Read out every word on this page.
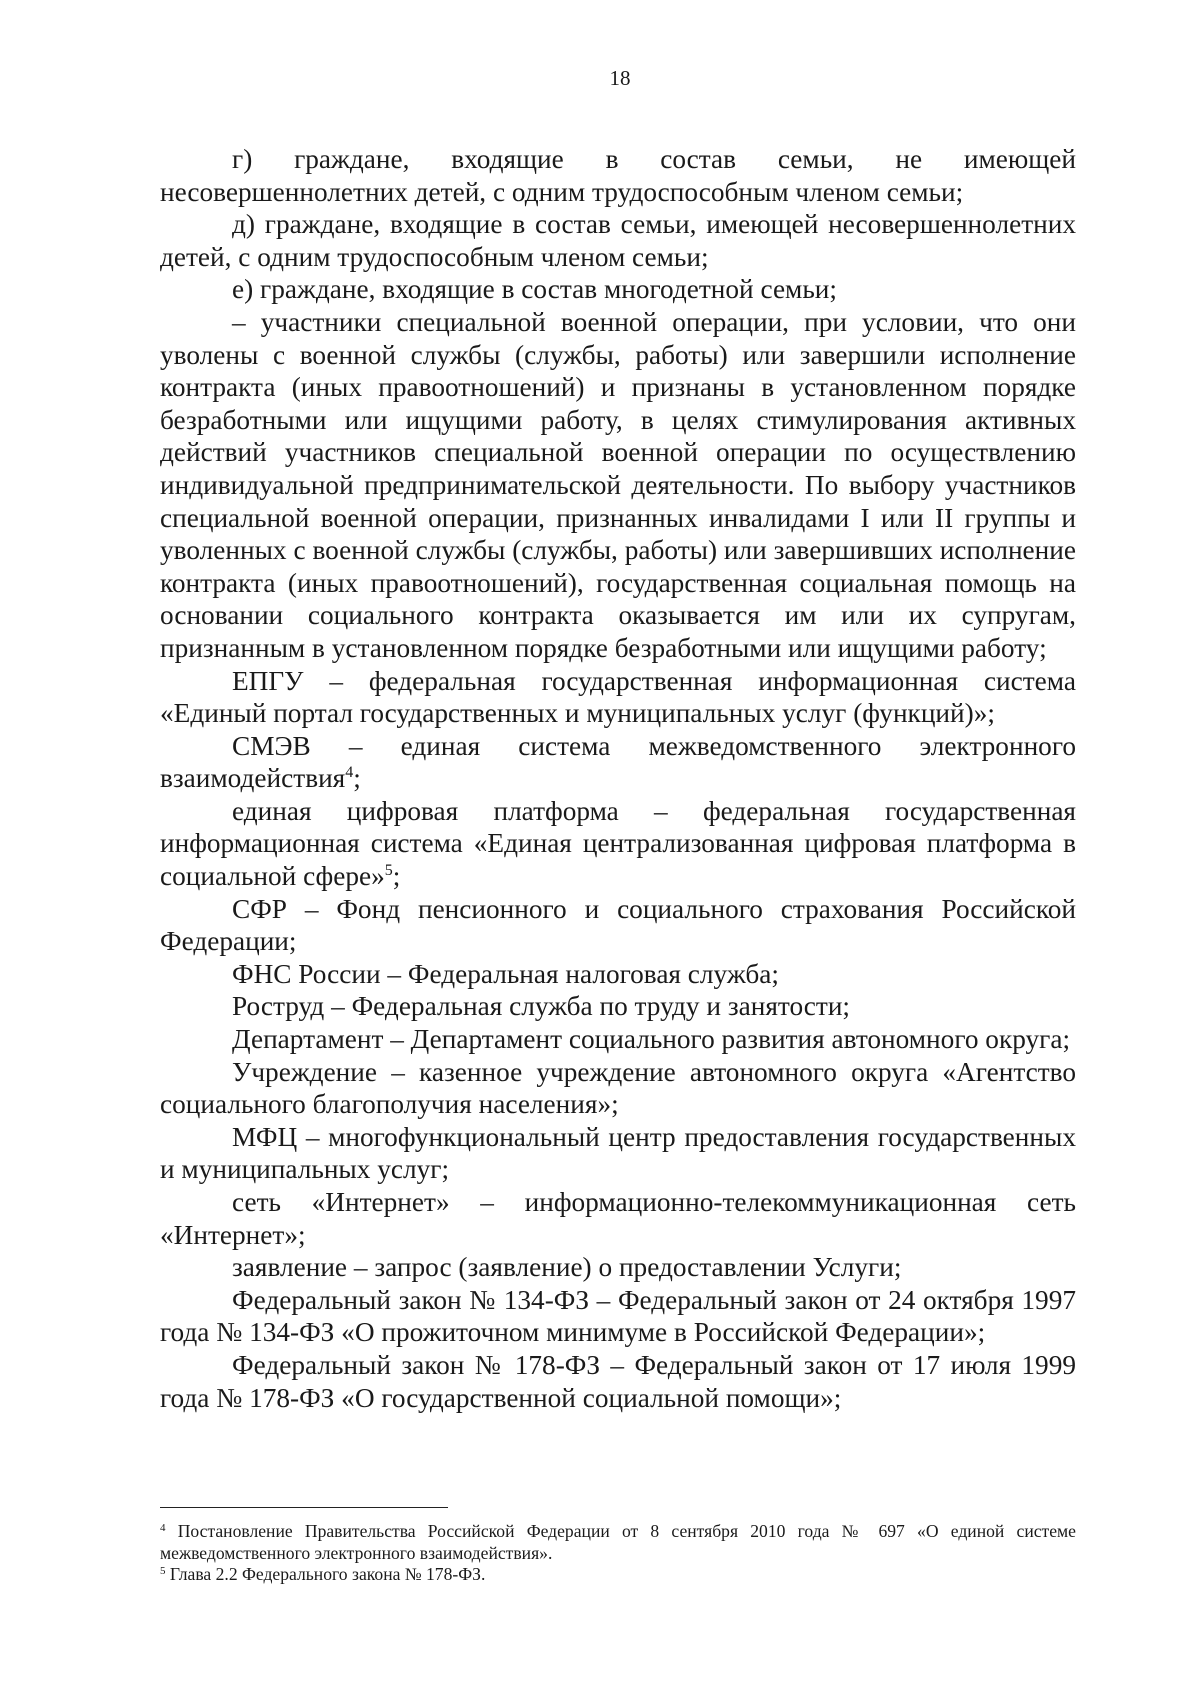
18

г) граждане, входящие в состав семьи, не имеющей несовершеннолетних детей, с одним трудоспособным членом семьи;

д) граждане, входящие в состав семьи, имеющей несовершеннолетних детей, с одним трудоспособным членом семьи;

е) граждане, входящие в состав многодетной семьи;

– участники специальной военной операции, при условии, что они уволены с военной службы (службы, работы) или завершили исполнение контракта (иных правоотношений) и признаны в установленном порядке безработными или ищущими работу, в целях стимулирования активных действий участников специальной военной операции по осуществлению индивидуальной предпринимательской деятельности. По выбору участников специальной военной операции, признанных инвалидами I или II группы и уволенных с военной службы (службы, работы) или завершивших исполнение контракта (иных правоотношений), государственная социальная помощь на основании социального контракта оказывается им или их супругам, признанным в установленном порядке безработными или ищущими работу;

ЕПГУ – федеральная государственная информационная система «Единый портал государственных и муниципальных услуг (функций)»;

СМЭВ – единая система межведомственного электронного взаимодействия$^4$;

единая цифровая платформа – федеральная государственная информационная система «Единая централизованная цифровая платформа в социальной сфере»$^5$;

СФР – Фонд пенсионного и социального страхования Российской Федерации;

ФНС России – Федеральная налоговая служба;

Роструд – Федеральная служба по труду и занятости;

Департамент – Департамент социального развития автономного округа;

Учреждение – казенное учреждение автономного округа «Агентство социального благополучия населения»;

МФЦ – многофункциональный центр предоставления государственных и муниципальных услуг;

сеть «Интернет» – информационно-телекоммуникационная сеть «Интернет»;

заявление – запрос (заявление) о предоставлении Услуги;

Федеральный закон № 134-ФЗ – Федеральный закон от 24 октября 1997 года № 134-ФЗ «О прожиточном минимуме в Российской Федерации»;

Федеральный закон № 178-ФЗ – Федеральный закон от 17 июля 1999 года № 178-ФЗ «О государственной социальной помощи»;

$^4$ Постановление Правительства Российской Федерации от 8 сентября 2010 года № 697 «О единой системе межведомственного электронного взаимодействия».

$^5$ Глава 2.2 Федерального закона № 178-ФЗ.
